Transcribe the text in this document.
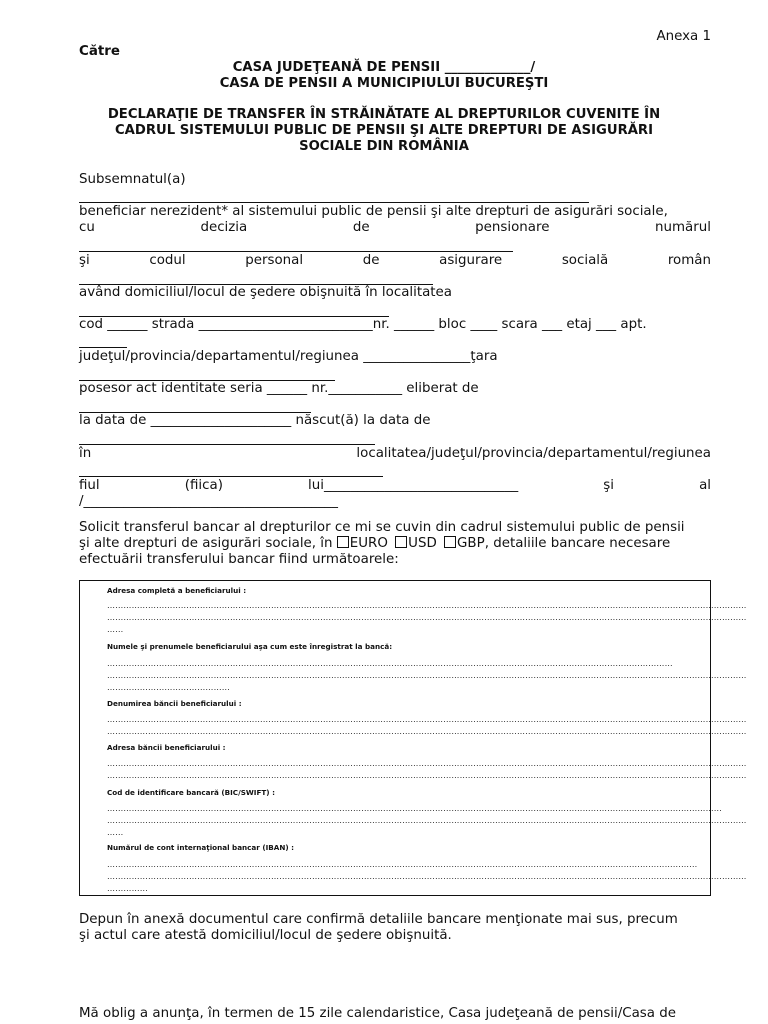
Anexa 1
Către
CASA JUDEŢEANĂ DE PENSII _____________/
CASA DE PENSII A MUNICIPIULUI BUCUREŞTI
DECLARAŢIE DE TRANSFER ÎN STRĂINĂTATE AL DREPTURILOR CUVENITE ÎN
CADRUL SISTEMULUI PUBLIC DE PENSII ŞI ALTE DREPTURI DE ASIGURĂRI
SOCIALE DIN ROMÂNIA
Subsemnatul(a)
beneficiar nerezident* al sistemului public de pensii şi alte drepturi de asigurări sociale,
cu	decizia	de	pensionare	numărul
şi	codul	personal	de	asigurare	socială	român
având domiciliul/locul de şedere obişnuită în localitatea
cod ______ strada __________________________nr. ______ bloc ____ scara ___ etaj ___ apt.
judeţul/provincia/departamentul/regiunea ________________ţara
posesor act identitate seria ______ nr.___________ eliberat de
la data de _____________________ născut(ă) la data de
în	localitatea/judeţul/provincia/departamentul/regiunea
fiul	(fiica)	lui_____________________________	şi	al
/______________________________________
Solicit transferul bancar al drepturilor ce mi se cuvin din cadrul sistemului public de pensii
şi alte drepturi de asigurări sociale, în EURO USD GBP, detaliile bancare necesare
efectuării transferului bancar fiind următoarele:
Adresa completă a beneficiarului :
………………………………………………………………………………………………………………………………………………………………………………………………………………
………………………………………………………………………………………………………………………………………………………………………………………………………………
……
Numele şi prenumele beneficiarului aşa cum este înregistrat la bancă:
………………………………………………………………………………………………………………………………………………………………………………………
………………………………………………………………………………………………………………………………………………………………………………………………………………
………………………………………
Denumirea băncii beneficiarului :
………………………………………………………………………………………………………………………………………………………………………………………………………………
………………………………………………………………………………………………………………………………………………………………………………………………………………
Adresa băncii beneficiarului :
………………………………………………………………………………………………………………………………………………………………………………………………………………
………………………………………………………………………………………………………………………………………………………………………………………………………………
Cod de identificare bancară (BIC/SWIFT) :
………………………………………………………………………………………………………………………………………………………………………………………………………
………………………………………………………………………………………………………………………………………………………………………………………………………………
……
Numărul de cont internaţional bancar (IBAN) :
………………………………………………………………………………………………………………………………………………………………………………………………
………………………………………………………………………………………………………………………………………………………………………………………………………………
……………
Depun în anexă documentul care confirmă detaliile bancare menţionate mai sus, precum
şi actul care atestă domiciliul/locul de şedere obişnuită.
Mă oblig a anunţa, în termen de 15 zile calendaristice, Casa judeţeană de pensii/Casa de
